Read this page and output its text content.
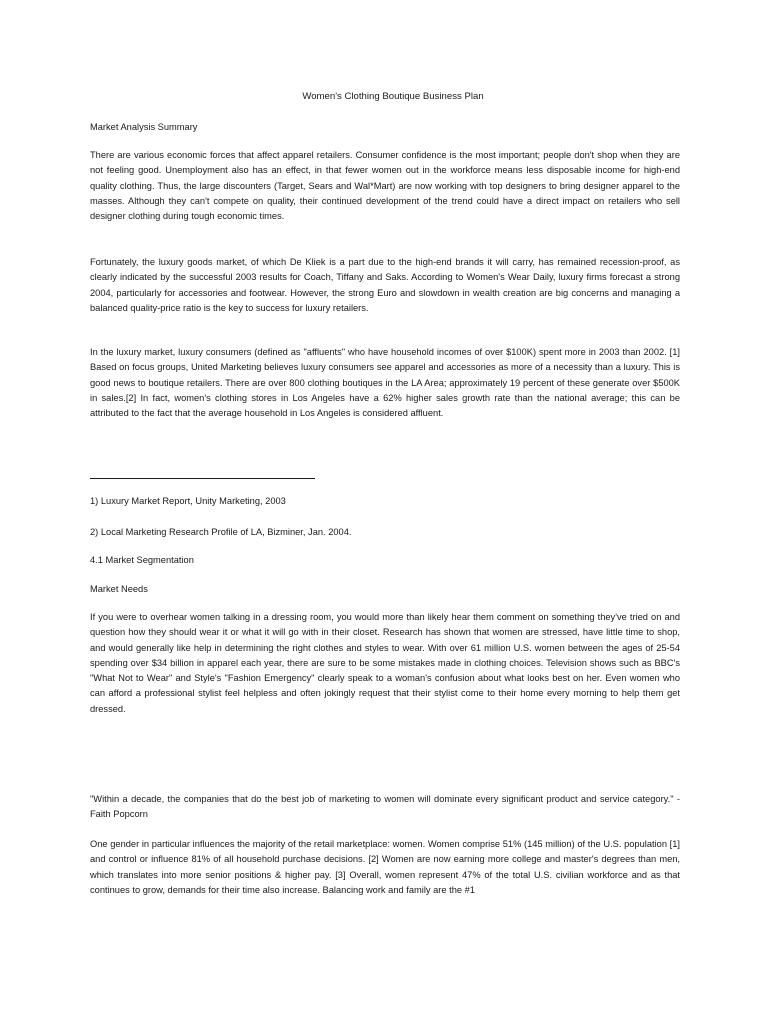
Women's Clothing Boutique Business Plan
Market Analysis Summary

There are various economic forces that affect apparel retailers. Consumer confidence is the most important; people don't shop when they are not feeling good. Unemployment also has an effect, in that fewer women out in the workforce means less disposable income for high-end quality clothing. Thus, the large discounters (Target, Sears and Wal*Mart) are now working with top designers to bring designer apparel to the masses. Although they can't compete on quality, their continued development of the trend could have a direct impact on retailers who sell designer clothing during tough economic times.

Fortunately, the luxury goods market, of which De Kliek is a part due to the high-end brands it will carry, has remained recession-proof, as clearly indicated by the successful 2003 results for Coach, Tiffany and Saks. According to Women's Wear Daily, luxury firms forecast a strong 2004, particularly for accessories and footwear. However, the strong Euro and slowdown in wealth creation are big concerns and managing a balanced quality-price ratio is the key to success for luxury retailers.

In the luxury market, luxury consumers (defined as "affluents" who have household incomes of over $100K) spent more in 2003 than 2002. [1] Based on focus groups, United Marketing believes luxury consumers see apparel and accessories as more of a necessity than a luxury. This is good news to boutique retailers. There are over 800 clothing boutiques in the LA Area; approximately 19 percent of these generate over $500K in sales.[2] In fact, women's clothing stores in Los Angeles have a 62% higher sales growth rate than the national average; this can be attributed to the fact that the average household in Los Angeles is considered affluent.

1) Luxury Market Report, Unity Marketing, 2003
2) Local Marketing Research Profile of LA, Bizminer, Jan. 2004.
4.1 Market Segmentation
Market Needs

If you were to overhear women talking in a dressing room, you would more than likely hear them comment on something they've tried on and question how they should wear it or what it will go with in their closet. Research has shown that women are stressed, have little time to shop, and would generally like help in determining the right clothes and styles to wear. With over 61 million U.S. women between the ages of 25-54 spending over $34 billion in apparel each year, there are sure to be some mistakes made in clothing choices. Television shows such as BBC's "What Not to Wear" and Style's "Fashion Emergency" clearly speak to a woman's confusion about what looks best on her. Even women who can afford a professional stylist feel helpless and often jokingly request that their stylist come to their home every morning to help them get dressed.

"Within a decade, the companies that do the best job of marketing to women will dominate every significant product and service category." -Faith Popcorn

One gender in particular influences the majority of the retail marketplace: women. Women comprise 51% (145 million) of the U.S. population [1] and control or influence 81% of all household purchase decisions. [2] Women are now earning more college and master's degrees than men, which translates into more senior positions & higher pay. [3] Overall, women represent 47% of the total U.S. civilian workforce and as that continues to grow, demands for their time also increase. Balancing work and family are the #1
